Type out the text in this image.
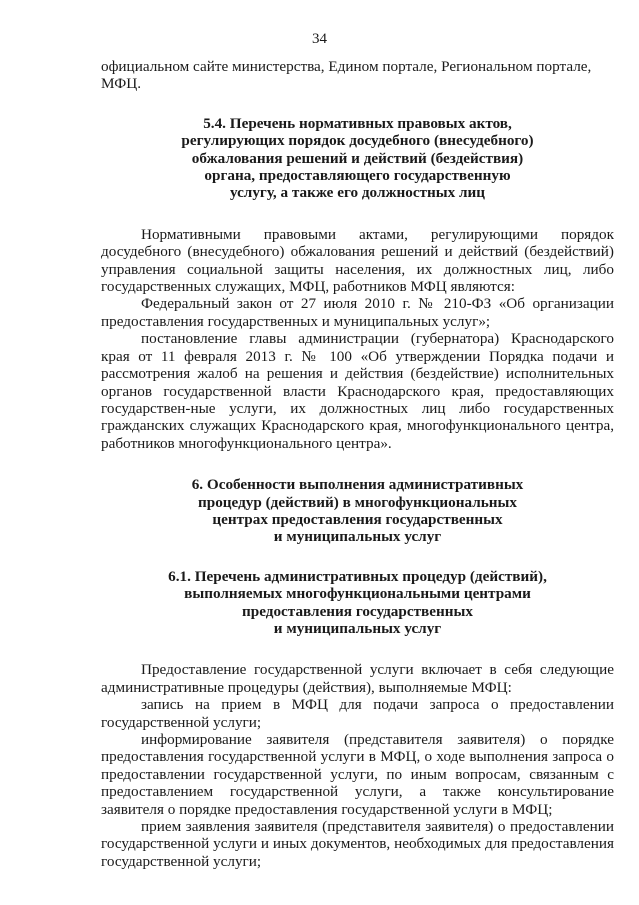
34

официальном сайте министерства, Едином портале, Региональном портале, МФЦ.

5.4. Перечень нормативных правовых актов,
регулирующих порядок досудебного (внесудебного)
обжалования решений и действий (бездействия)
органа, предоставляющего государственную
услугу, а также его должностных лиц

Нормативными правовыми актами, регулирующими порядок досудебного (внесудебного) обжалования решений и действий (бездействий) управления социальной защиты населения, их должностных лиц, либо государственных служащих, МФЦ, работников МФЦ являются:

Федеральный закон от 27 июля 2010 г. № 210-ФЗ «Об организации предоставления государственных и муниципальных услуг»;

постановление главы администрации (губернатора) Краснодарского края от 11 февраля 2013 г. № 100 «Об утверждении Порядка подачи и рассмотрения жалоб на решения и действия (бездействие) исполнительных органов государственной власти Краснодарского края, предоставляющих государствен-ные услуги, их должностных лиц либо государственных гражданских служащих Краснодарского края, многофункционального центра, работников многофункционального центра».

6. Особенности выполнения административных
процедур (действий) в многофункциональных
центрах предоставления государственных
и муниципальных услуг
6.1. Перечень административных процедур (действий),
выполняемых многофункциональными центрами
предоставления государственных
и муниципальных услуг

Предоставление государственной услуги включает в себя следующие административные процедуры (действия), выполняемые МФЦ:

запись на прием в МФЦ для подачи запроса о предоставлении государственной услуги;

информирование заявителя (представителя заявителя) о порядке предоставления государственной услуги в МФЦ, о ходе выполнения запроса о предоставлении государственной услуги, по иным вопросам, связанным с предоставлением государственной услуги, а также консультирование заявителя о порядке предоставления государственной услуги в МФЦ;

прием заявления заявителя (представителя заявителя) о предоставлении государственной услуги и иных документов, необходимых для предоставления государственной услуги;
